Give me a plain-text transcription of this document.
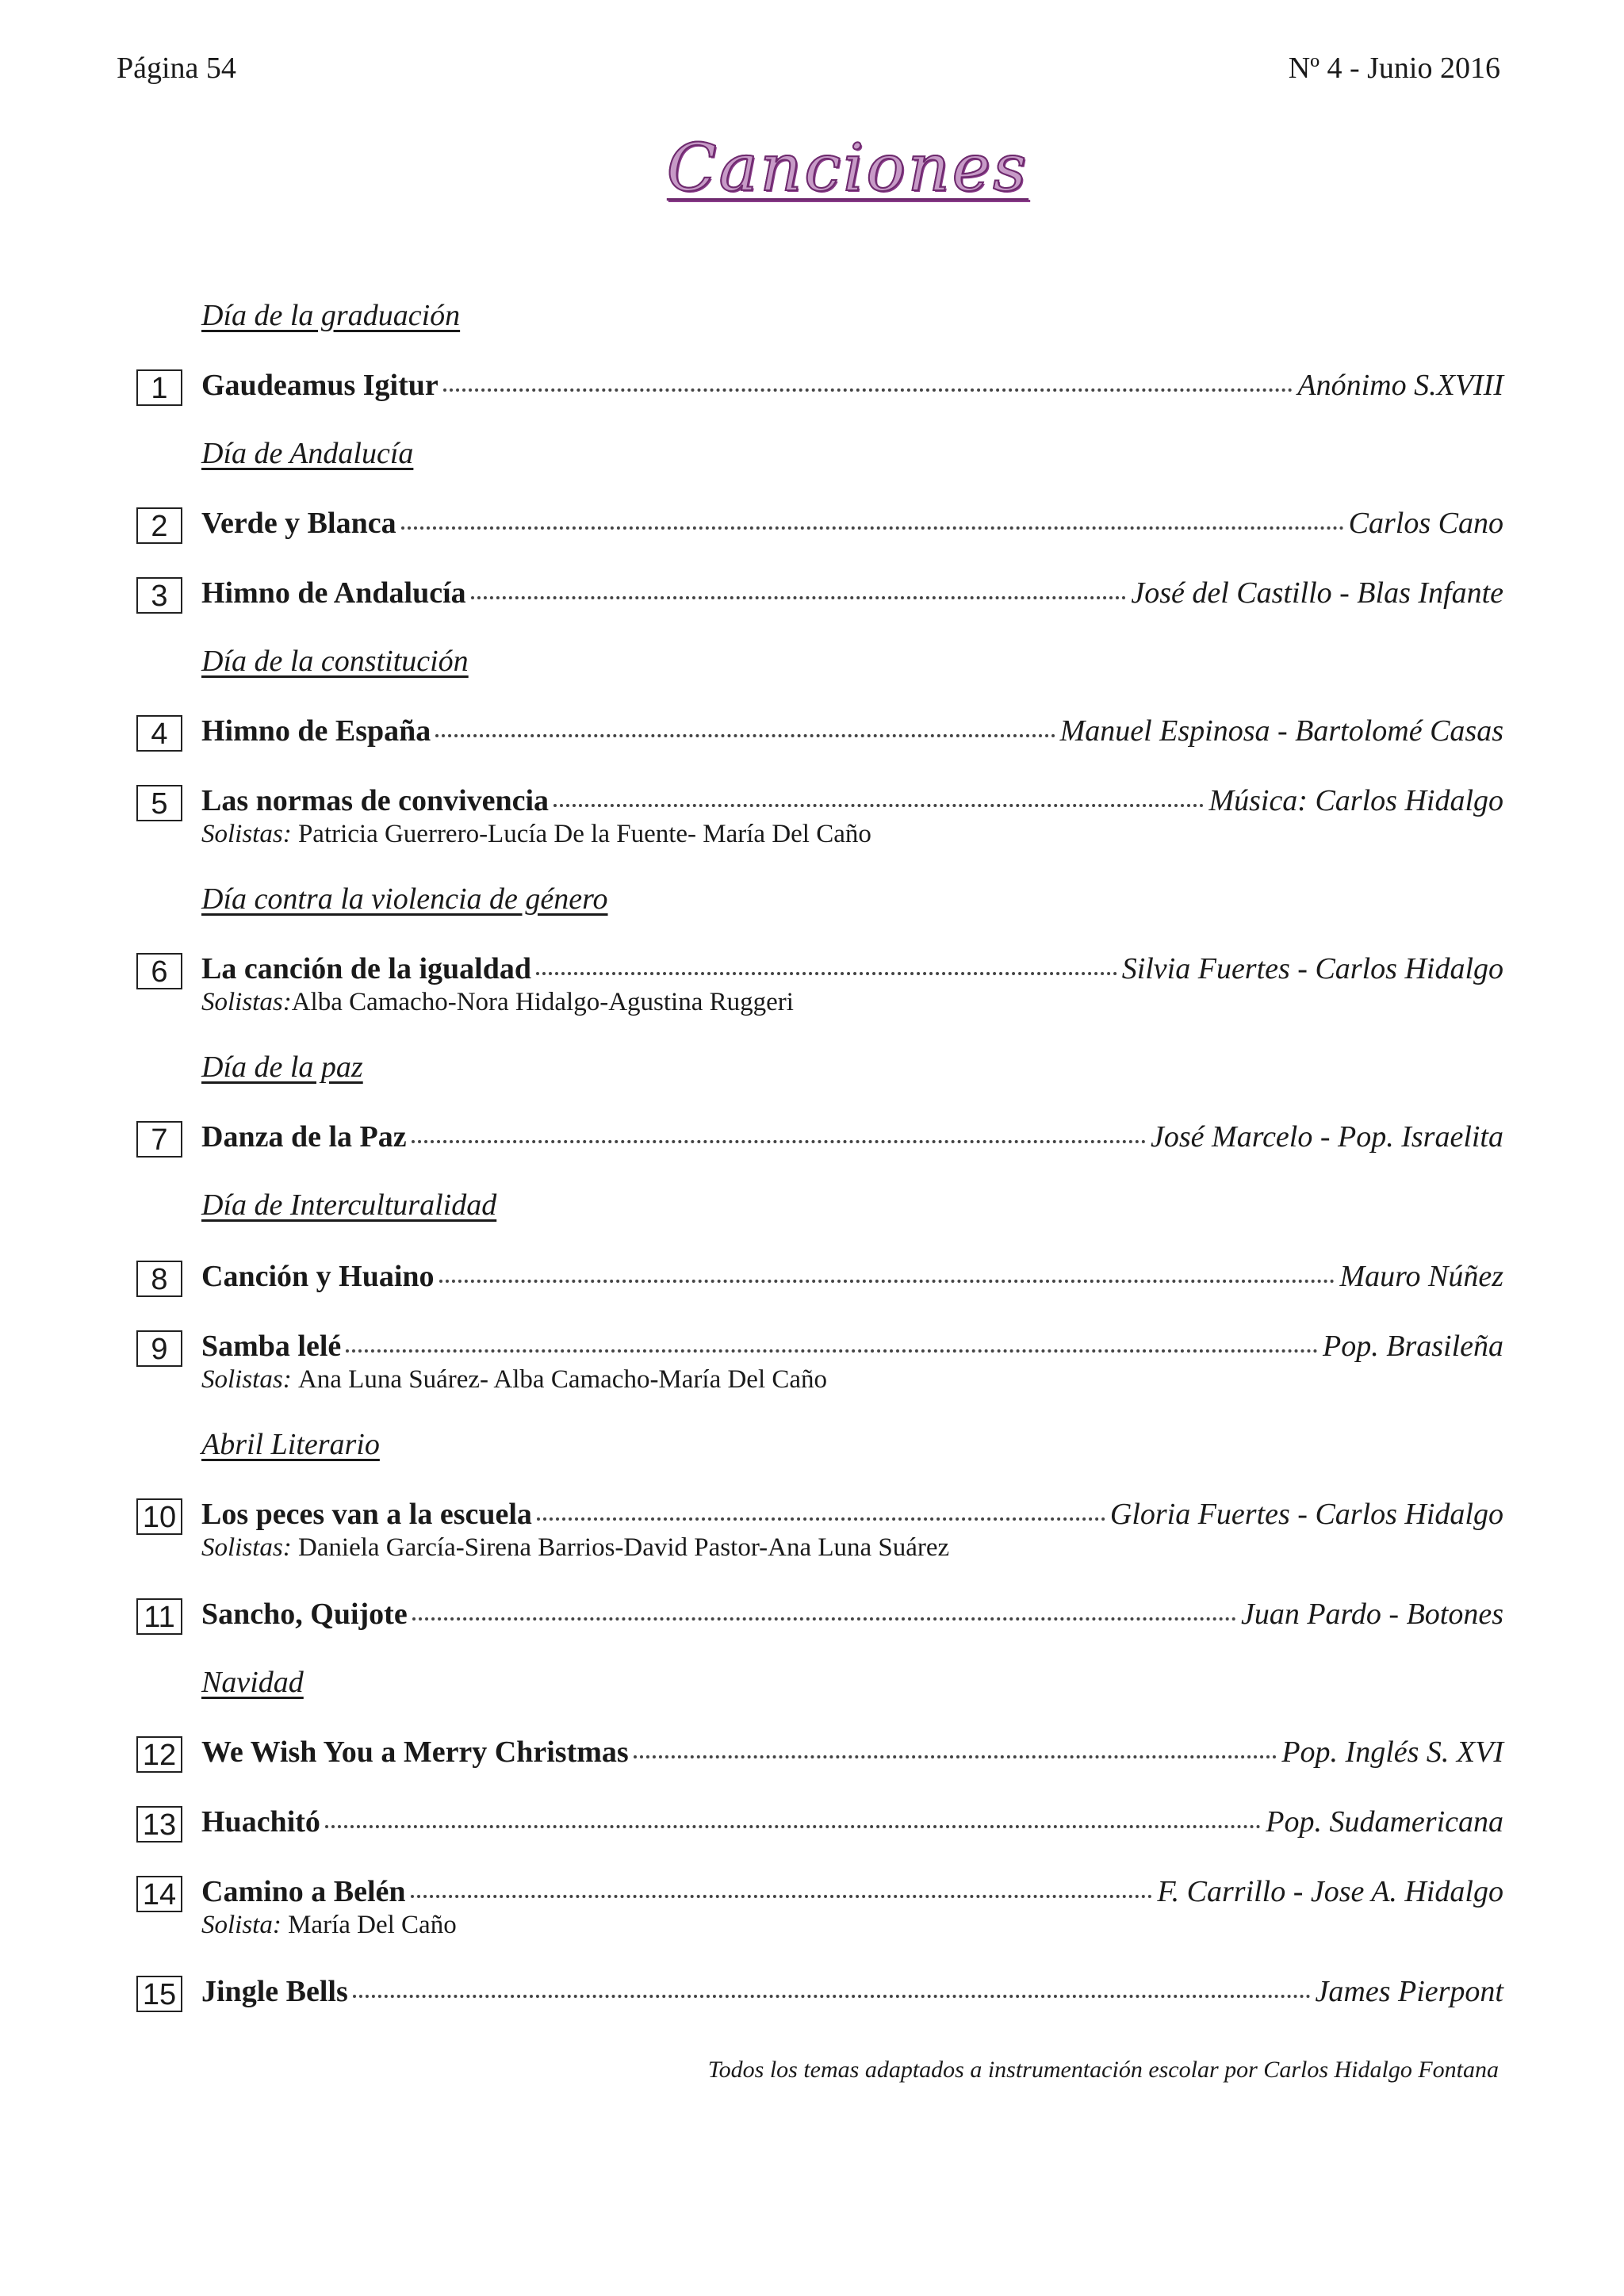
Página 54	Nº 4 - Junio 2016
Canciones
Día de la graduación
1	Gaudeamus Igitur	Anónimo S.XVIII
Día de Andalucía
2	Verde y Blanca	Carlos Cano
3	Himno de Andalucía	José del Castillo - Blas Infante
Día de la constitución
4	Himno de España	Manuel Espinosa - Bartolomé Casas
5	Las normas de convivencia	Música: Carlos Hidalgo
Solistas: Patricia Guerrero-Lucía De la Fuente- María Del Caño
Día contra la violencia de género
6	La canción de la igualdad	Silvia Fuertes - Carlos Hidalgo
Solistas:Alba Camacho-Nora Hidalgo-Agustina Ruggeri
Día de la paz
7	Danza de la Paz	José Marcelo - Pop. Israelita
Día de Interculturalidad
8	Canción y Huaino	Mauro Núñez
9	Samba lelé	Pop. Brasileña
Solistas: Ana Luna Suárez- Alba Camacho-María Del Caño
Abril Literario
10 Los peces van a la escuela	Gloria Fuertes - Carlos Hidalgo
Solistas: Daniela García-Sirena Barrios-David Pastor-Ana Luna Suárez
11 Sancho, Quijote	Juan Pardo - Botones
Navidad
12 We Wish You a Merry Christmas	Pop. Inglés S. XVI
13 Huachitó	Pop. Sudamericana
14 Camino a Belén	F. Carrillo - Jose A. Hidalgo
Solista: María Del Caño
15 Jingle Bells	James Pierpont
Todos los temas adaptados a instrumentación escolar por Carlos Hidalgo Fontana
